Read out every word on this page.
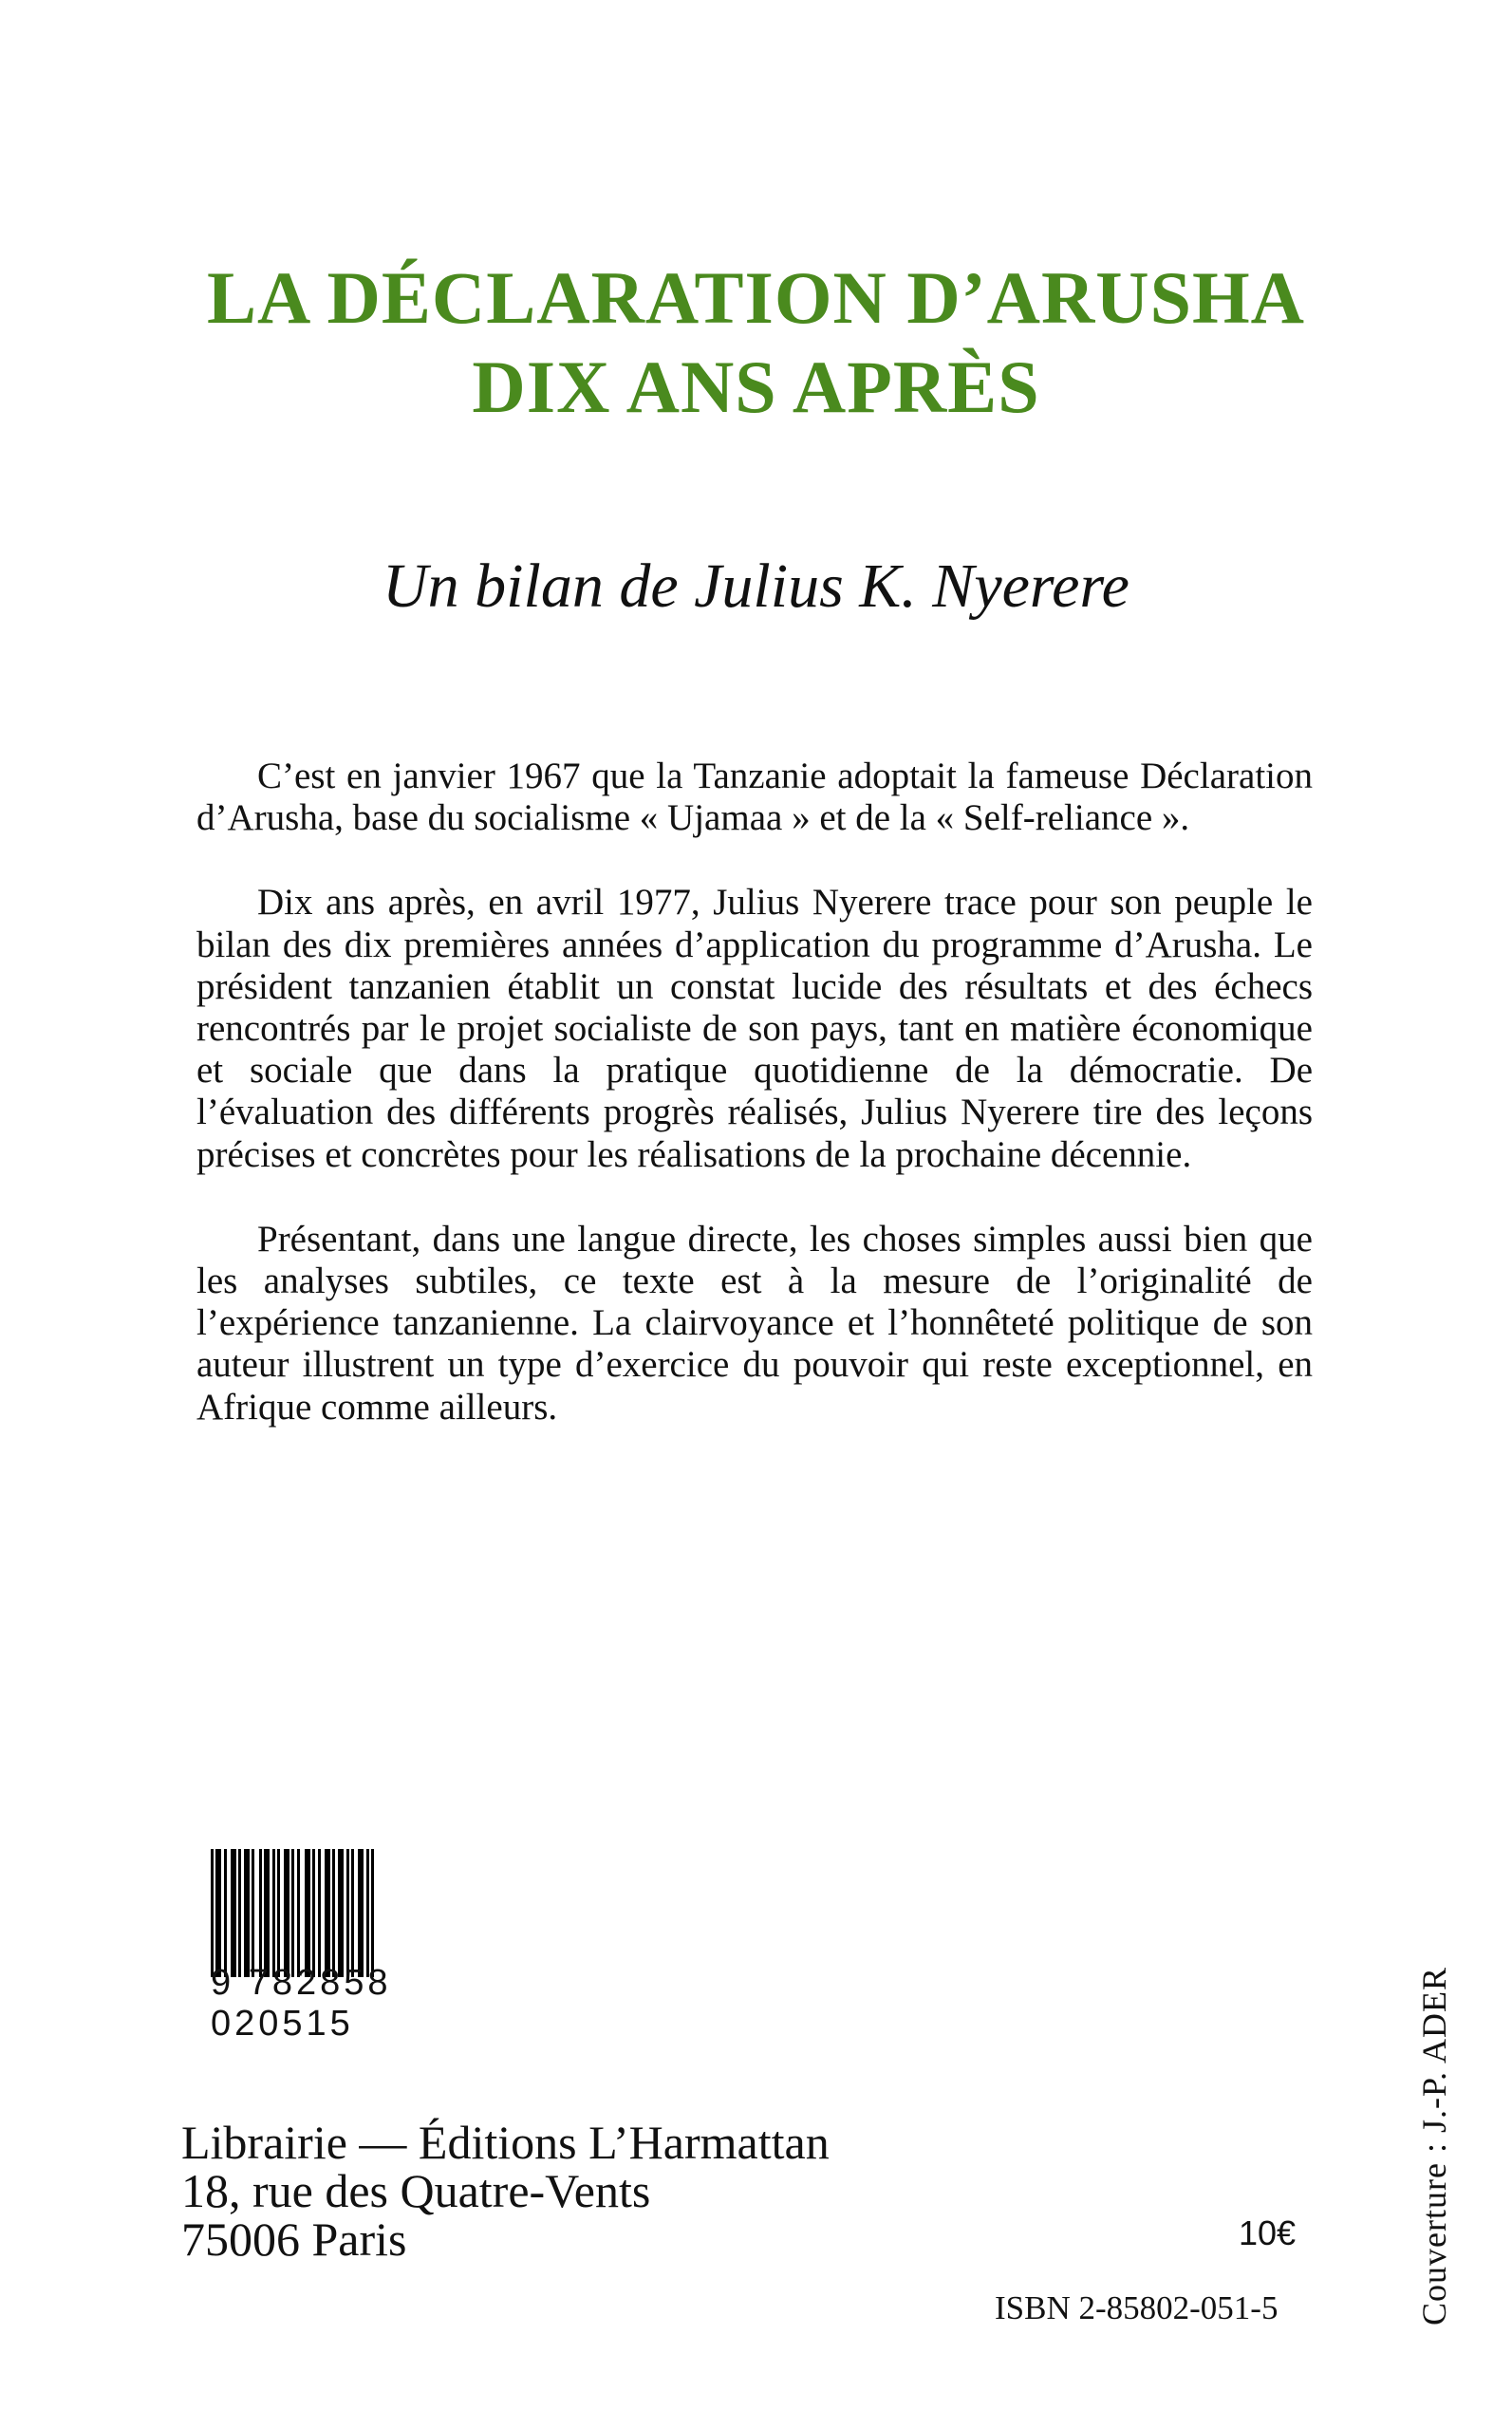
LA DÉCLARATION D’ARUSHA
DIX ANS APRÈS
Un bilan de Julius K. Nyerere

C’est en janvier 1967 que la Tanzanie adoptait la fameuse Déclaration d’Arusha, base du socialisme « Ujamaa » et de la « Self-reliance ».

Dix ans après, en avril 1977, Julius Nyerere trace pour son peuple le bilan des dix premières années d’application du programme d’Arusha. Le président tanzanien établit un constat lucide des résultats et des échecs rencontrés par le projet socialiste de son pays, tant en matière économique et sociale que dans la pratique quotidienne de la démocratie. De l’évaluation des différents progrès réalisés, Julius Nyerere tire des leçons précises et concrètes pour les réalisations de la prochaine décennie.

Présentant, dans une langue directe, les choses simples aussi bien que les analyses subtiles, ce texte est à la mesure de l’originalité de l’expérience tanzanienne. La clairvoyance et l’honnêteté politique de son auteur illustrent un type d’exercice du pouvoir qui reste exceptionnel, en Afrique comme ailleurs.

9 782858 020515
Librairie — Éditions L’Harmattan
18, rue des Quatre-Vents
75006 Paris	10€
ISBN 2-85802-051-5	Couverture : J.-P. ADER
